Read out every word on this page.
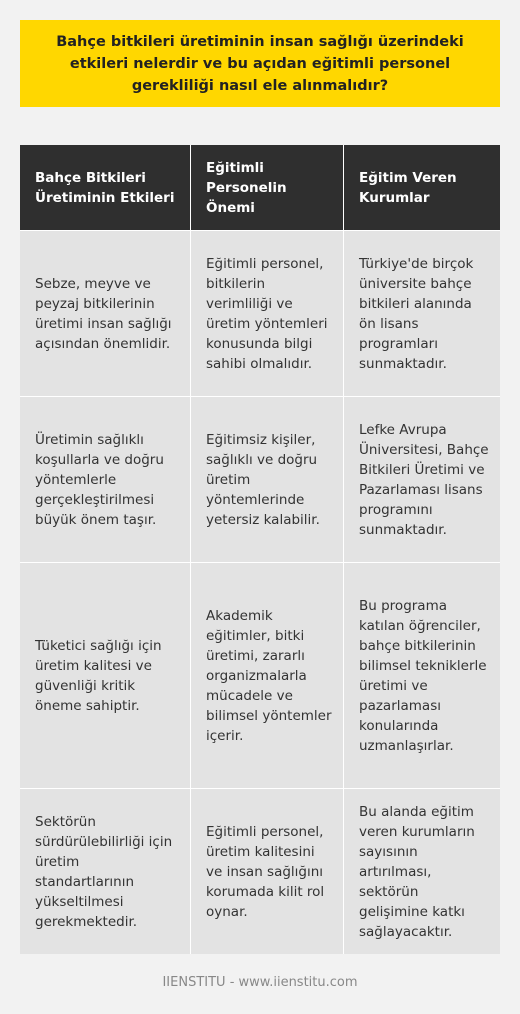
Bahçe bitkileri üretiminin insan sağlığı üzerindeki etkileri nelerdir ve bu açıdan eğitimli personel gerekliliği nasıl ele alınmalıdır?
Bahçe Bitkileri Üretiminin Etkileri	Eğitimli Personelin Önemi	Eğitim Veren Kurumlar
Sebze, meyve ve peyzaj bitkilerinin üretimi insan sağlığı açısından önemlidir.	Eğitimli personel, bitkilerin verimliliği ve üretim yöntemleri konusunda bilgi sahibi olmalıdır.	Türkiye'de birçok üniversite bahçe bitkileri alanında ön lisans programları sunmaktadır.
Üretimin sağlıklı koşullarla ve doğru yöntemlerle gerçekleştirilmesi büyük önem taşır.	Eğitimsiz kişiler, sağlıklı ve doğru üretim yöntemlerinde yetersiz kalabilir.	Lefke Avrupa Üniversitesi, Bahçe Bitkileri Üretimi ve Pazarlaması lisans programını sunmaktadır.
Tüketici sağlığı için üretim kalitesi ve güvenliği kritik öneme sahiptir.	Akademik eğitimler, bitki üretimi, zararlı organizmalarla mücadele ve bilimsel yöntemler içerir.	Bu programa katılan öğrenciler, bahçe bitkilerinin bilimsel tekniklerle üretimi ve pazarlaması konularında uzmanlaşırlar.
Sektörün sürdürülebilirliği için üretim standartlarının yükseltilmesi gerekmektedir.	Eğitimli personel, üretim kalitesini ve insan sağlığını korumada kilit rol oynar.	Bu alanda eğitim veren kurumların sayısının artırılması, sektörün gelişimine katkı sağlayacaktır.
IIENSTITU - www.iienstitu.com
